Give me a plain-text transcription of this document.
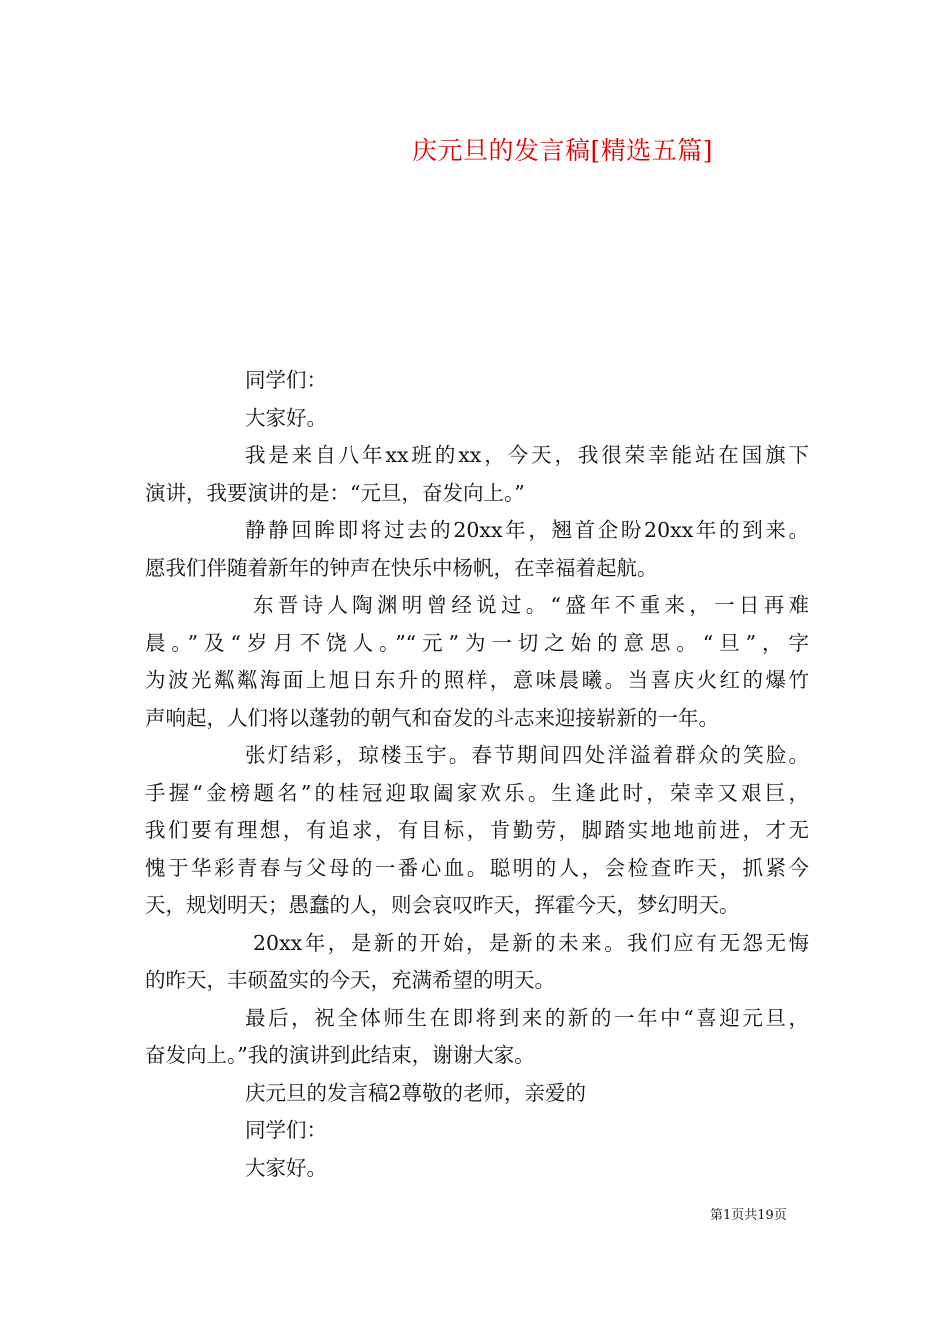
庆元旦的发言稿[精选五篇]
同学们：
大家好。
我是来自八年xx班的xx，今天，我很荣幸能站在国旗下
演讲，我要演讲的是：“元旦，奋发向上。”
静静回眸即将过去的20xx年，翘首企盼20xx年的到来。
愿我们伴随着新年的钟声在快乐中杨帆，在幸福着起航。
东晋诗人陶渊明曾经说过。“盛年不重来，一日再难
晨。”及“岁月不饶人。”“元”为一切之始的意思。“旦”，字
为波光粼粼海面上旭日东升的照样，意味晨曦。当喜庆火红的爆竹
声响起，人们将以蓬勃的朝气和奋发的斗志来迎接崭新的一年。
张灯结彩，琼楼玉宇。春节期间四处洋溢着群众的笑脸。
手握“金榜题名”的桂冠迎取阖家欢乐。生逢此时，荣幸又艰巨，
我们要有理想，有追求，有目标，肯勤劳，脚踏实地地前进，才无
愧于华彩青春与父母的一番心血。聪明的人，会检查昨天，抓紧今
天，规划明天；愚蠢的人，则会哀叹昨天，挥霍今天，梦幻明天。
20xx年，是新的开始，是新的未来。我们应有无怨无悔
的昨天，丰硕盈实的今天，充满希望的明天。
最后，祝全体师生在即将到来的新的一年中“喜迎元旦，
奋发向上。”我的演讲到此结束，谢谢大家。
庆元旦的发言稿2尊敬的老师，亲爱的
同学们：
大家好。
第1页共19页
